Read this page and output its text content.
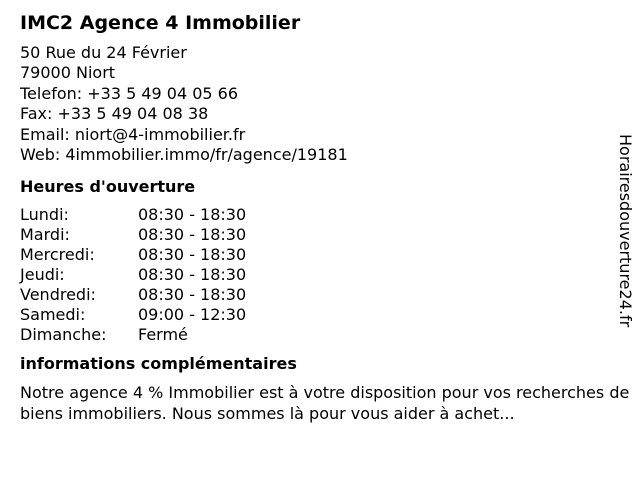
IMC2 Agence 4 Immobilier
50 Rue du 24 Février
79000 Niort
Telefon: +33 5 49 04 05 66
Fax: +33 5 49 04 08 38
Email: niort@4-immobilier.fr
Web: 4immobilier.immo/fr/agence/19181
Heures d'ouverture
Lundi:	08:30 - 18:30
Mardi:	08:30 - 18:30
Mercredi:	08:30 - 18:30
Jeudi:	08:30 - 18:30
Vendredi:	08:30 - 18:30
Samedi:	09:00 - 12:30
Dimanche:	Fermé
informations complémentaires
Notre agence 4 % Immobilier est à votre disposition pour vos recherches de biens immobiliers. Nous sommes là pour vous aider à achet...
Horairesdouverture24.fr
